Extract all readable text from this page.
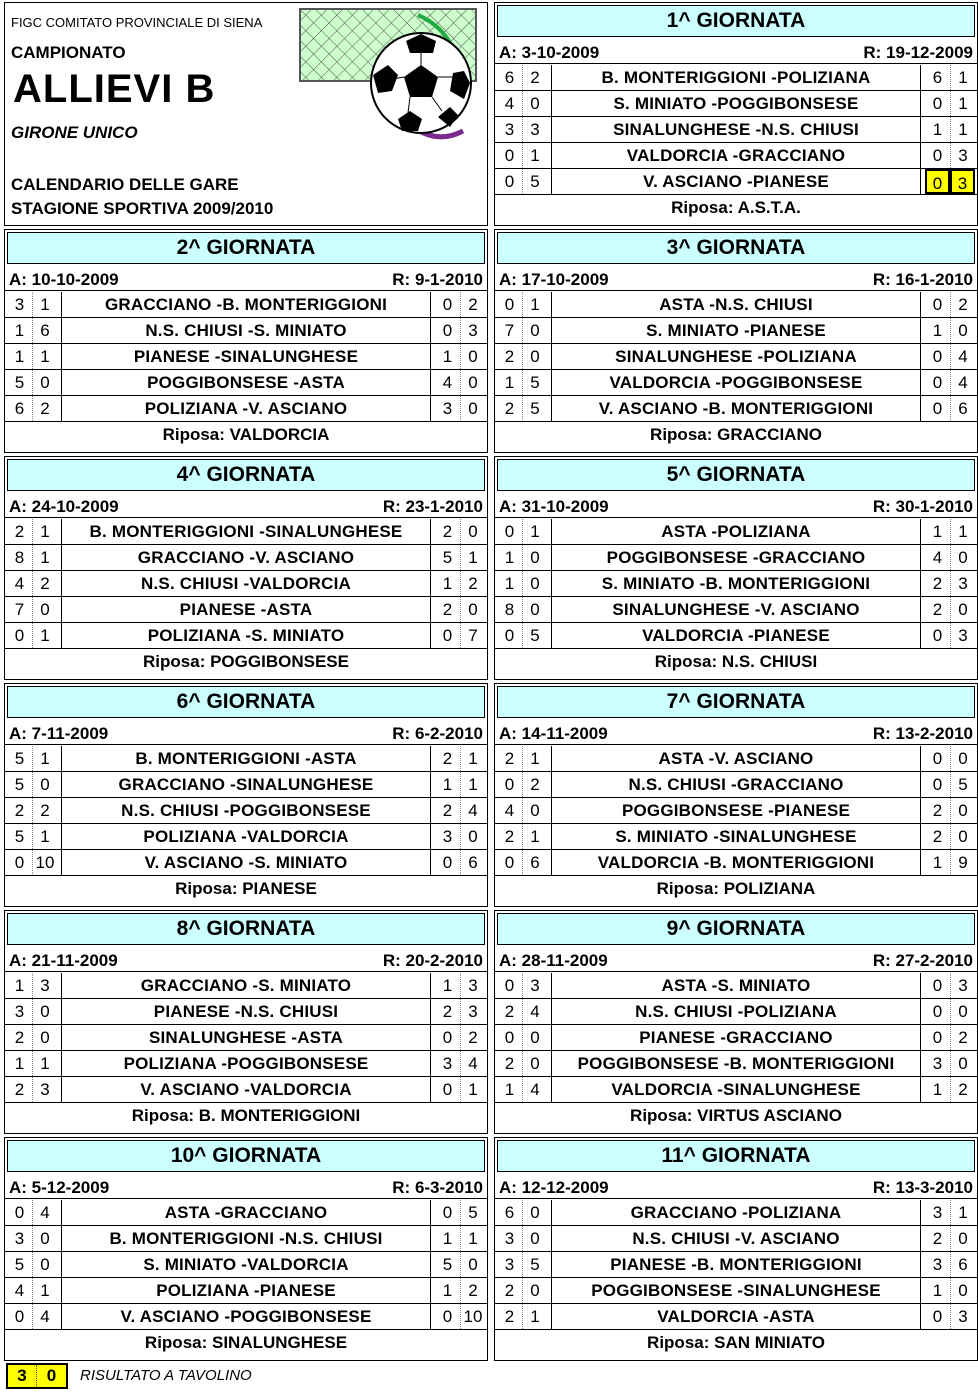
FIGC COMITATO PROVINCIALE DI SIENA
CAMPIONATO
ALLIEVI B
GIRONE UNICO
CALENDARIO DELLE GARE
STAGIONE SPORTIVA 2009/2010
1^ GIORNATA
A: 3-10-2009	R: 19-12-2009
6 2	B. MONTERIGGIONI -POLIZIANA	6 1
4 0	S. MINIATO -POGGIBONSESE	0 1
3 3	SINALUNGHESE -N.S. CHIUSI	1 1
0 1	VALDORCIA -GRACCIANO	0 3
0 5	V. ASCIANO -PIANESE	0 3
Riposa: A.S.T.A.
2^ GIORNATA
A: 10-10-2009	R: 9-1-2010
3 1	GRACCIANO -B. MONTERIGGIONI	0 2
1 6	N.S. CHIUSI -S. MINIATO	0 3
1 1	PIANESE -SINALUNGHESE	1 0
5 0	POGGIBONSESE -ASTA	4 0
6 2	POLIZIANA -V. ASCIANO	3 0
Riposa: VALDORCIA
3^ GIORNATA
A: 17-10-2009	R: 16-1-2010
0 1	ASTA -N.S. CHIUSI	0 2
7 0	S. MINIATO -PIANESE	1 0
2 0	SINALUNGHESE -POLIZIANA	0 4
1 5	VALDORCIA -POGGIBONSESE	0 4
2 5	V. ASCIANO -B. MONTERIGGIONI	0 6
Riposa: GRACCIANO
4^ GIORNATA
A: 24-10-2009	R: 23-1-2010
2 1	B. MONTERIGGIONI -SINALUNGHESE	2 0
8 1	GRACCIANO -V. ASCIANO	5 1
4 2	N.S. CHIUSI -VALDORCIA	1 2
7 0	PIANESE -ASTA	2 0
0 1	POLIZIANA -S. MINIATO	0 7
Riposa: POGGIBONSESE
5^ GIORNATA
A: 31-10-2009	R: 30-1-2010
0 1	ASTA -POLIZIANA	1 1
1 0	POGGIBONSESE -GRACCIANO	4 0
1 0	S. MINIATO -B. MONTERIGGIONI	2 3
8 0	SINALUNGHESE -V. ASCIANO	2 0
0 5	VALDORCIA -PIANESE	0 3
Riposa: N.S. CHIUSI
6^ GIORNATA
A: 7-11-2009	R: 6-2-2010
5 1	B. MONTERIGGIONI -ASTA	2 1
5 0	GRACCIANO -SINALUNGHESE	1 1
2 2	N.S. CHIUSI -POGGIBONSESE	2 4
5 1	POLIZIANA -VALDORCIA	3 0
0 10	V. ASCIANO -S. MINIATO	0 6
Riposa: PIANESE
7^ GIORNATA
A: 14-11-2009	R: 13-2-2010
2 1	ASTA -V. ASCIANO	0 0
0 2	N.S. CHIUSI -GRACCIANO	0 5
4 0	POGGIBONSESE -PIANESE	2 0
2 1	S. MINIATO -SINALUNGHESE	2 0
0 6	VALDORCIA -B. MONTERIGGIONI	1 9
Riposa: POLIZIANA
8^ GIORNATA
A: 21-11-2009	R: 20-2-2010
1 3	GRACCIANO -S. MINIATO	1 3
3 0	PIANESE -N.S. CHIUSI	2 3
2 0	SINALUNGHESE -ASTA	0 2
1 1	POLIZIANA -POGGIBONSESE	3 4
2 3	V. ASCIANO -VALDORCIA	0 1
Riposa: B. MONTERIGGIONI
9^ GIORNATA
A: 28-11-2009	R: 27-2-2010
0 3	ASTA -S. MINIATO	0 3
2 4	N.S. CHIUSI -POLIZIANA	0 0
0 0	PIANESE -GRACCIANO	0 2
2 0	POGGIBONSESE -B. MONTERIGGIONI	3 0
1 4	VALDORCIA -SINALUNGHESE	1 2
Riposa: VIRTUS ASCIANO
10^ GIORNATA
A: 5-12-2009	R: 6-3-2010
0 4	ASTA -GRACCIANO	0 5
3 0	B. MONTERIGGIONI -N.S. CHIUSI	1 1
5 0	S. MINIATO -VALDORCIA	5 0
4 1	POLIZIANA -PIANESE	1 2
0 4	V. ASCIANO -POGGIBONSESE	0 10
Riposa: SINALUNGHESE
11^ GIORNATA
A: 12-12-2009	R: 13-3-2010
6 0	GRACCIANO -POLIZIANA	3 1
3 0	N.S. CHIUSI -V. ASCIANO	2 0
3 5	PIANESE -B. MONTERIGGIONI	3 6
2 0	POGGIBONSESE -SINALUNGHESE	1 0
2 1	VALDORCIA -ASTA	0 3
Riposa: SAN MINIATO
3	0	RISULTATO A TAVOLINO
